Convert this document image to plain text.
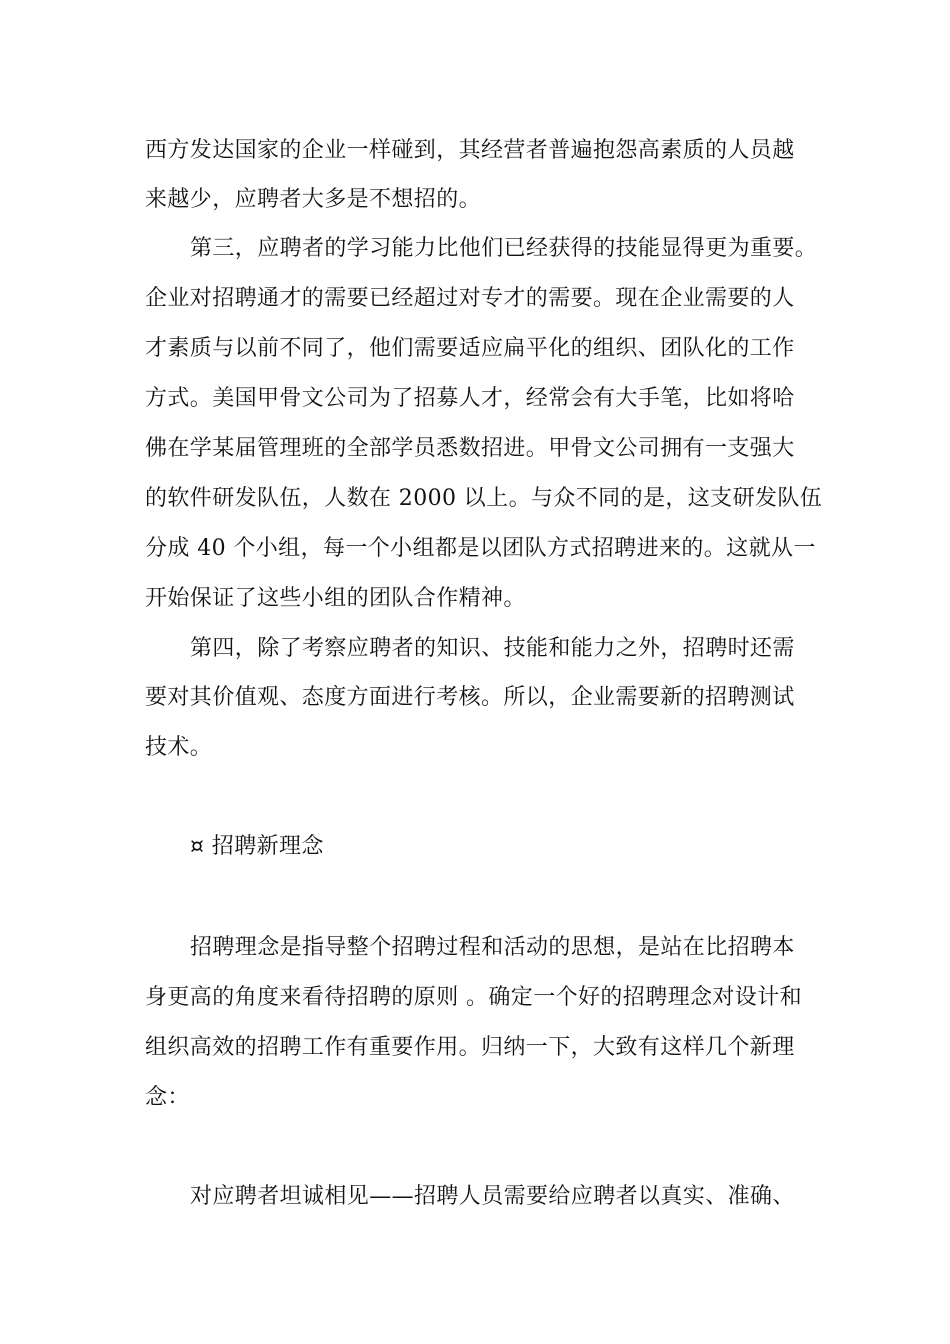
西方发达国家的企业一样碰到，其经营者普遍抱怨高素质的人员越
来越少，应聘者大多是不想招的。
第三，应聘者的学习能力比他们已经获得的技能显得更为重要。
企业对招聘通才的需要已经超过对专才的需要。现在企业需要的人
才素质与以前不同了，他们需要适应扁平化的组织、团队化的工作
方式。美国甲骨文公司为了招募人才，经常会有大手笔，比如将哈
佛在学某届管理班的全部学员悉数招进。甲骨文公司拥有一支强大
的软件研发队伍，人数在 2000 以上。与众不同的是，这支研发队伍
分成 40 个小组，每一个小组都是以团队方式招聘进来的。这就从一
开始保证了这些小组的团队合作精神。
第四，除了考察应聘者的知识、技能和能力之外，招聘时还需
要对其价值观、态度方面进行考核。所以，企业需要新的招聘测试
技术。
¤ 招聘新理念
招聘理念是指导整个招聘过程和活动的思想，是站在比招聘本
身更高的角度来看待招聘的原则 。确定一个好的招聘理念对设计和
组织高效的招聘工作有重要作用。归纳一下，大致有这样几个新理
念：
对应聘者坦诚相见——招聘人员需要给应聘者以真实、准确、
